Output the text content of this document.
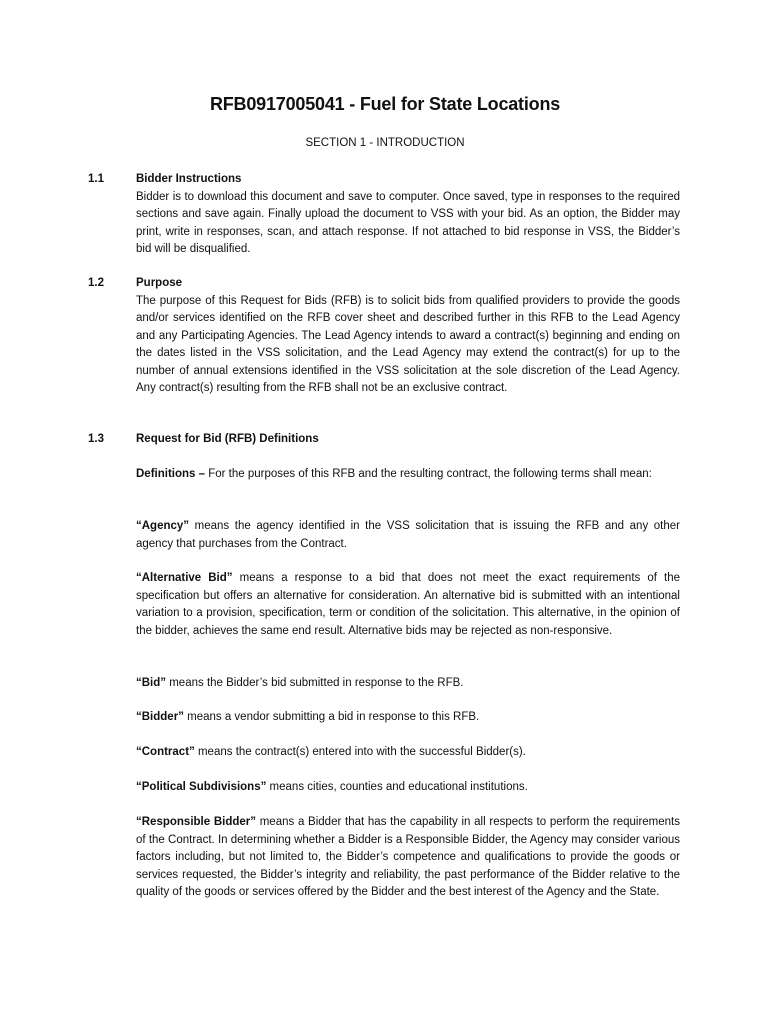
RFB0917005041 - Fuel for State Locations
SECTION 1 - INTRODUCTION
1.1	Bidder Instructions

Bidder is to download this document and save to computer. Once saved, type in responses to the required sections and save again. Finally upload the document to VSS with your bid. As an option, the Bidder may print, write in responses, scan, and attach response. If not attached to bid response in VSS, the Bidder’s bid will be disqualified.

1.2	Purpose

The purpose of this Request for Bids (RFB) is to solicit bids from qualified providers to provide the goods and/or services identified on the RFB cover sheet and described further in this RFB to the Lead Agency and any Participating Agencies. The Lead Agency intends to award a contract(s) beginning and ending on the dates listed in the VSS solicitation, and the Lead Agency may extend the contract(s) for up to the number of annual extensions identified in the VSS solicitation at the sole discretion of the Lead Agency. Any contract(s) resulting from the RFB shall not be an exclusive contract.

1.3	Request for Bid (RFB) Definitions

Definitions – For the purposes of this RFB and the resulting contract, the following terms shall mean:

“Agency” means the agency identified in the VSS solicitation that is issuing the RFB and any other agency that purchases from the Contract.

“Alternative Bid” means a response to a bid that does not meet the exact requirements of the specification but offers an alternative for consideration. An alternative bid is submitted with an intentional variation to a provision, specification, term or condition of the solicitation. This alternative, in the opinion of the bidder, achieves the same end result. Alternative bids may be rejected as non-responsive.

“Bid” means the Bidder’s bid submitted in response to the RFB.

“Bidder” means a vendor submitting a bid in response to this RFB.

“Contract” means the contract(s) entered into with the successful Bidder(s).

“Political Subdivisions” means cities, counties and educational institutions.

“Responsible Bidder” means a Bidder that has the capability in all respects to perform the requirements of the Contract. In determining whether a Bidder is a Responsible Bidder, the Agency may consider various factors including, but not limited to, the Bidder’s competence and qualifications to provide the goods or services requested, the Bidder’s integrity and reliability, the past performance of the Bidder relative to the quality of the goods or services offered by the Bidder and the best interest of the Agency and the State.
